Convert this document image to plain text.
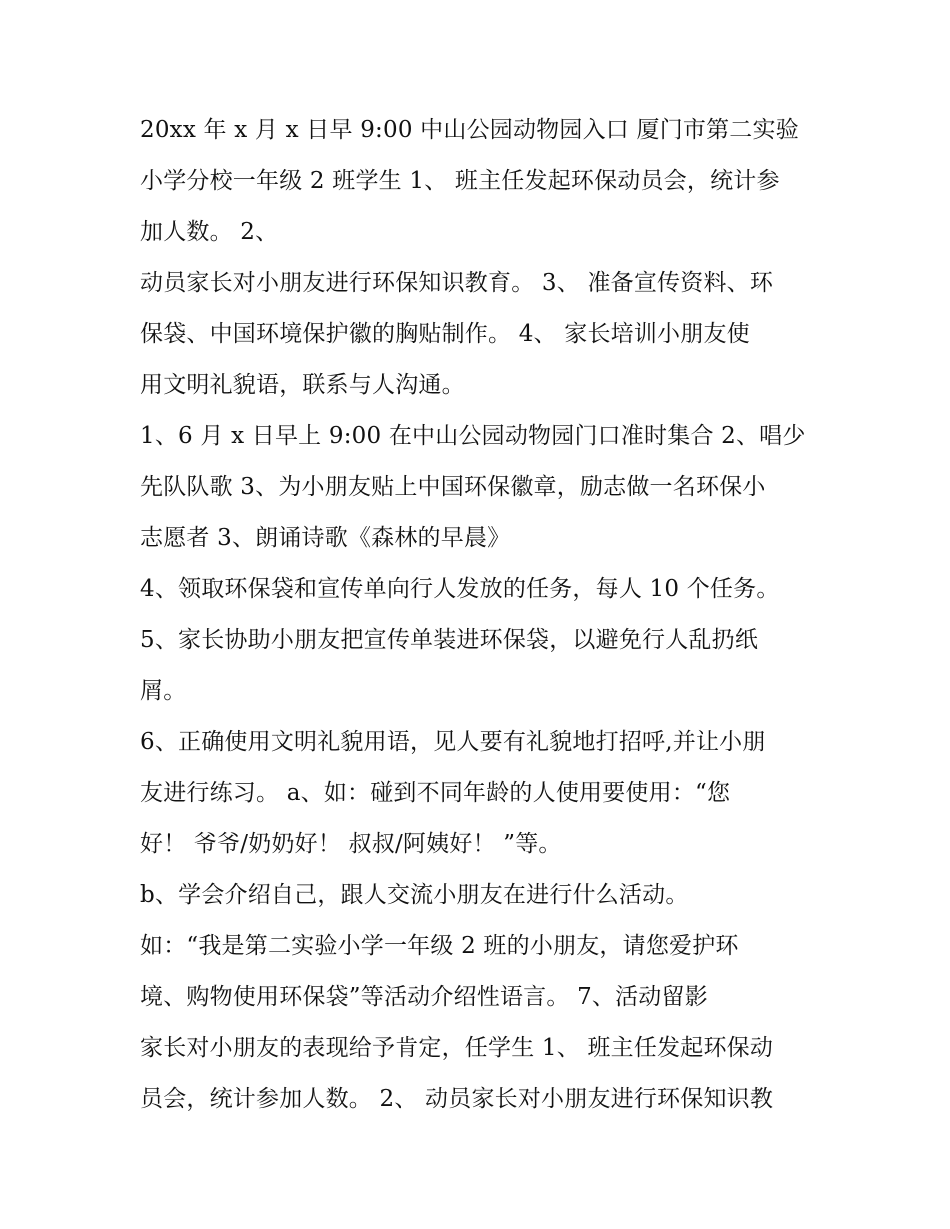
20xx 年 x 月 x 日早 9:00 中山公园动物园入口 厦门市第二实验
小学分校一年级 2 班学生 1、 班主任发起环保动员会，统计参
加人数。 2、
动员家长对小朋友进行环保知识教育。 3、 准备宣传资料、环
保袋、中国环境保护徽的胸贴制作。 4、 家长培训小朋友使
用文明礼貌语，联系与人沟通。
1、6 月 x 日早上 9:00 在中山公园动物园门口准时集合 2、唱少
先队队歌 3、为小朋友贴上中国环保徽章，励志做一名环保小
志愿者 3、朗诵诗歌《森林的早晨》
4、领取环保袋和宣传单向行人发放的任务，每人 10 个任务。
5、家长协助小朋友把宣传单装进环保袋，以避免行人乱扔纸
屑。
6、正确使用文明礼貌用语，见人要有礼貌地打招呼,并让小朋
友进行练习。 a、如：碰到不同年龄的人使用要使用：“您
好！ 爷爷/奶奶好！ 叔叔/阿姨好！ ”等。
b、学会介绍自己，跟人交流小朋友在进行什么活动。
如：“我是第二实验小学一年级 2 班的小朋友，请您爱护环
境、购物使用环保袋”等活动介绍性语言。 7、活动留影
家长对小朋友的表现给予肯定，任学生 1、 班主任发起环保动
员会，统计参加人数。 2、 动员家长对小朋友进行环保知识教
